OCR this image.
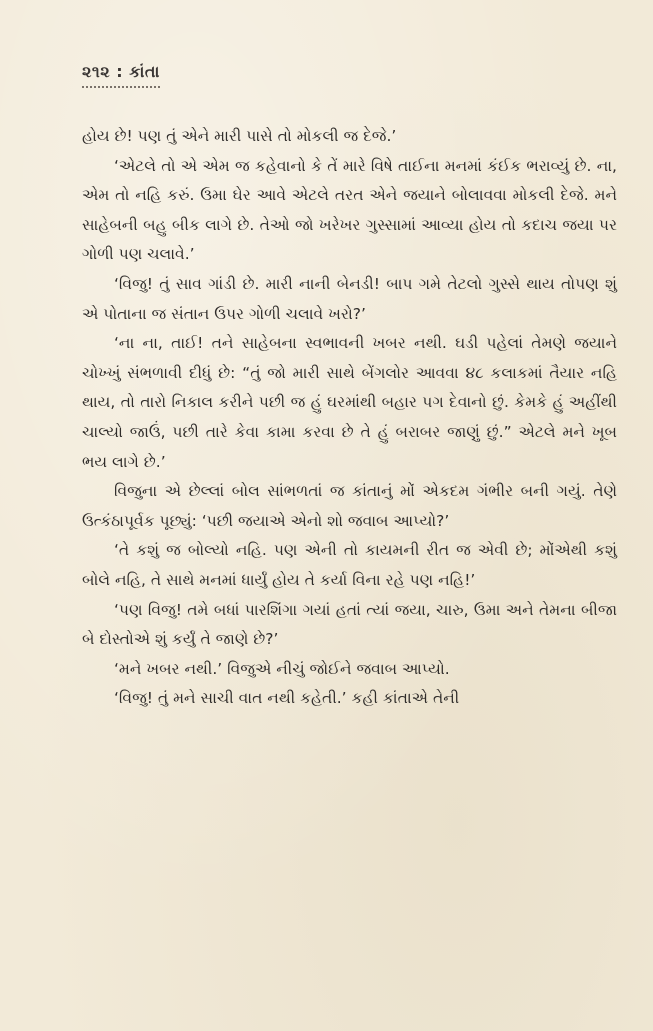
૨૧૨ : કાંતા

હોય છે! પણ તું એને મારી પાસે તો મોકલી જ દેજે.’

‘એટલે તો એ એમ જ કહેવાનો કે તેં મારે વિષે તાઈના મનમાં કંઈક ભરાવ્યું છે. ના, એમ તો નહિ કરું. ઉમા ઘેર આવે એટલે તરત એને જયાને બોલાવવા મોકલી દેજે. મને સાહેબની બહુ બીક લાગે છે. તેઓ જો ખરેખર ગુસ્સામાં આવ્યા હોય તો કદાચ જયા પર ગોળી પણ ચલાવે.’

‘વિજુ! તું સાવ ગાંડી છે. મારી નાની બેનડી! બાપ ગમે તેટલો ગુસ્સે થાય તોપણ શું એ પોતાના જ સંતાન ઉપર ગોળી ચલાવે ખરો?’

‘ના ના, તાઈ! તને સાહેબના સ્વભાવની ખબર નથી. ઘડી પહેલાં તેમણે જયાને ચોખ્ખું સંભળાવી દીધું છે: “તું જો મારી સાથે બેંગલોર આવવા ૪૮ કલાકમાં તૈયાર નહિ થાય, તો તારો નિકાલ કરીને પછી જ હું ઘરમાંથી બહાર પગ દેવાનો છું. કેમકે હું અહીંથી ચાલ્યો જાઉં, પછી તારે કેવા કામા કરવા છે તે હું બરાબર જાણું છું.” એટલે મને ખૂબ ભય લાગે છે.’

વિજુના એ છેલ્લાં બોલ સાંભળતાં જ કાંતાનું મોં એકદમ ગંભીર બની ગયું. તેણે ઉત્કંઠાપૂર્વક પૂછ્યું: ‘પછી જયાએ એનો શો જવાબ આપ્યો?’

‘તે કશું જ બોલ્યો નહિ. પણ એની તો કાયમની રીત જ એવી છે; મોંએથી કશું બોલે નહિ, તે સાથે મનમાં ધાર્યું હોય તે કર્યા વિના રહે પણ નહિ!’

‘પણ વિજુ! તમે બધાં પારશિંગા ગયાં હતાં ત્યાં જયા, ચારુ, ઉમા અને તેમના બીજા બે દોસ્તોએ શું કર્યું તે જાણે છે?’

‘મને ખબર નથી.’ વિજુએ નીચું જોઈને જવાબ આપ્યો.

‘વિજુ! તું મને સાચી વાત નથી કહેતી.’ કહી કાંતાએ તેની
